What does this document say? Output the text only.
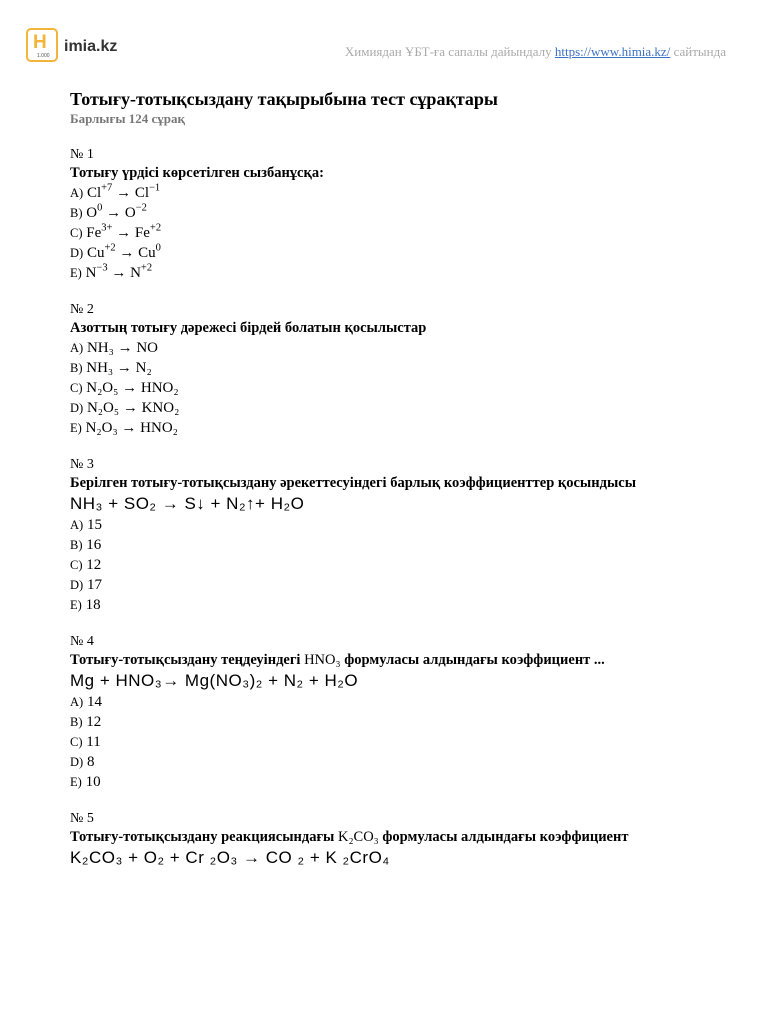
H
1.000
imia.kz	Химиядан ҰБТ-ға сапалы дайындалу https://www.himia.kz/ сайтында
Тотығу-тотықсыздану тақырыбына тест сұрақтары
Барлығы 124 сұрақ
№ 1
Тотығу үрдісі көрсетілген сызбанұсқа:
A) $Cl^{+7} \to Cl^{-1}$
B) $O^0 \to O^{-2}$
C) $Fe^{3+} \to Fe^{+2}$
D) $Cu^{+2} \to Cu^0$
E) $N^{-3} \to N^{+2}$
№ 2
Азоттың тотығу дәрежесі бірдей болатын қосылыстар
A) NH₃ → NO
B) NH₃ → N₂
C) N₂O₅ → HNO₂
D) N₂O₅ → KNO₂
E) N₂O₃ → HNO₂
№ 3
Берілген тотығу-тотықсыздану әрекеттесуіндегі барлық коэффициенттер қосындысы
NH₃ + SO₂ → S↓ + N₂↑+ H₂O
A) 15
B) 16
C) 12
D) 17
E) 18
№ 4
Тотығу-тотықсыздану теңдеуіндегі HNO₃ формуласы алдындағы коэффициент ...
Mg + HNO₃→ Mg(NO₃)₂ + N₂ + H₂O
A) 14
B) 12
C) 11
D) 8
E) 10
№ 5
Тотығу-тотықсыздану реакциясындағы K₂CO₃ формуласы алдындағы коэффициент
K₂CO₃ + O₂ + Cr ₂O₃ → CO ₂ + K ₂CrO₄
